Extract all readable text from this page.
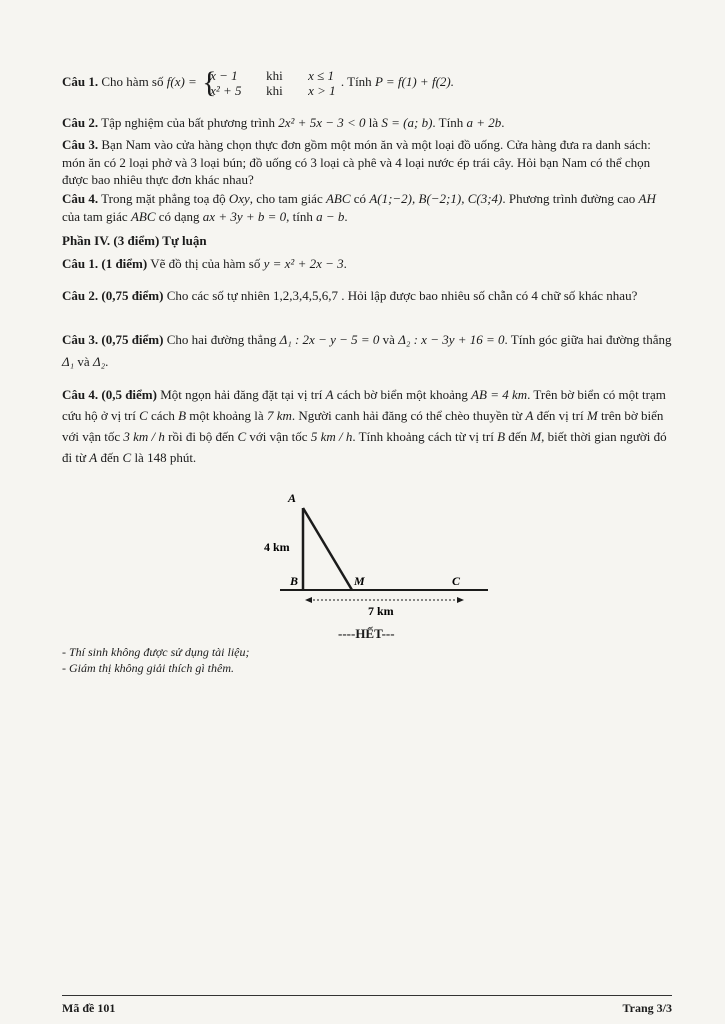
Câu 1. Cho hàm số f(x) = {
x − 1	khi	x ≤ 1
x² + 5	khi	x > 1
. Tính P = f(1) + f(2).
Câu 2. Tập nghiệm của bất phương trình 2x² + 5x − 3 < 0 là S = (a; b). Tính a + 2b.
Câu 3. Bạn Nam vào cửa hàng chọn thực đơn gồm một món ăn và một loại đồ uống. Cửa hàng đưa ra danh sách: món ăn có 2 loại phở và 3 loại bún; đồ uống có 3 loại cà phê và 4 loại nước ép trái cây. Hỏi bạn Nam có thể chọn được bao nhiêu thực đơn khác nhau?
Câu 4. Trong mặt phẳng toạ độ Oxy, cho tam giác ABC có A(1;−2), B(−2;1), C(3;4). Phương trình đường cao AH của tam giác ABC có dạng ax + 3y + b = 0, tính a − b.
Phần IV. (3 điểm) Tự luận
Câu 1. (1 điểm) Vẽ đồ thị của hàm số y = x² + 2x − 3.
Câu 2. (0,75 điểm) Cho các số tự nhiên 1,2,3,4,5,6,7 . Hỏi lập được bao nhiêu số chẵn có 4 chữ số khác nhau?
Câu 3. (0,75 điểm) Cho hai đường thẳng Δ₁ : 2x − y − 5 = 0 và Δ₂ : x − 3y + 16 = 0. Tính góc giữa hai đường thẳng Δ₁ và Δ₂.
Câu 4. (0,5 điểm) Một ngọn hải đăng đặt tại vị trí A cách bờ biển một khoảng AB = 4 km. Trên bờ biển có một trạm cứu hộ ở vị trí C cách B một khoảng là 7 km. Người canh hải đăng có thể chèo thuyền từ A đến vị trí M trên bờ biển với vận tốc 3 km / h rồi đi bộ đến C với vận tốc 5 km / h. Tính khoảng cách từ vị trí B đến M, biết thời gian người đó đi từ A đến C là 148 phút.
A
B	M	C
4 km
7 km
----HẾT---
- Thí sinh không được sử dụng tài liệu;
- Giám thị không giải thích gì thêm.
Mã đề 101	Trang 3/3
